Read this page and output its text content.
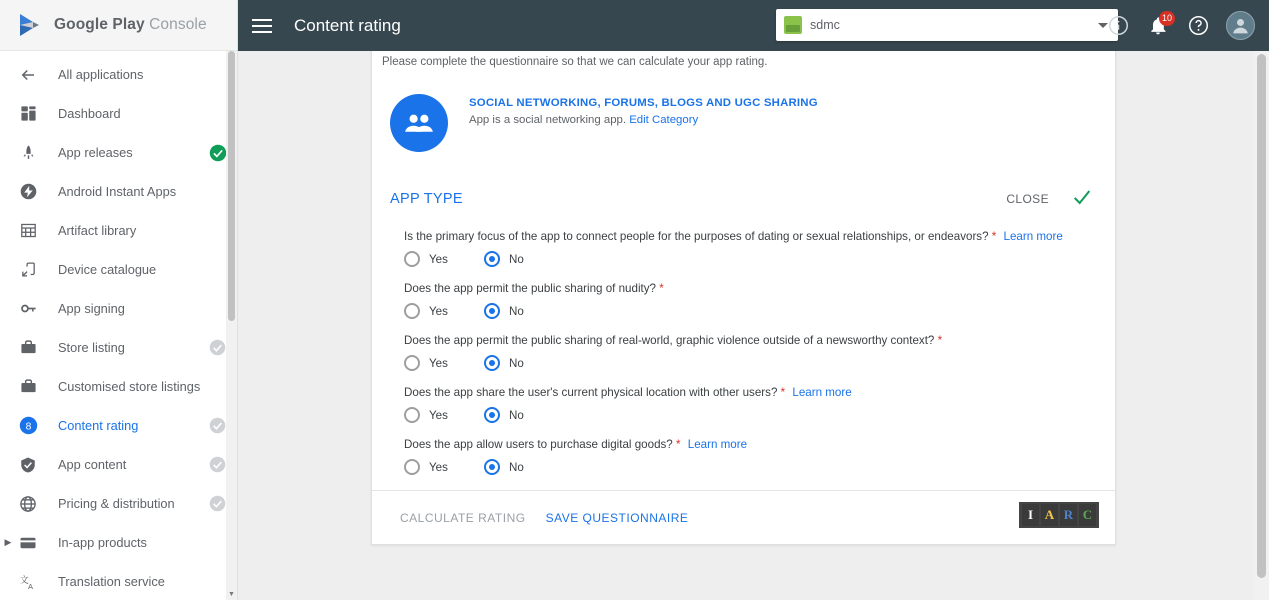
Google Play Console
All applications
Dashboard
App releases
Android Instant Apps
Artifact library
Device catalogue
App signing
Store listing
Customised store listings
8 Content rating
App content
Pricing & distribution
▶	In-app products
文
A Translation service
▼
Content rating	sdmc	10
Please complete the questionnaire so that we can calculate your app rating.
SOCIAL NETWORKING, FORUMS, BLOGS AND UGC SHARING
App is a social networking app. Edit Category
APP TYPE	CLOSE
Is the primary focus of the app to connect people for the purposes of dating or sexual relationships, or endeavors? * Learn more
Yes	No
Does the app permit the public sharing of nudity? *
Yes	No
Does the app permit the public sharing of real-world, graphic violence outside of a newsworthy context? *
Yes	No
Does the app share the user's current physical location with other users? * Learn more
Yes	No
Does the app allow users to purchase digital goods? * Learn more
Yes	No
CALCULATE RATING	SAVE QUESTIONNAIRE	I A R C
